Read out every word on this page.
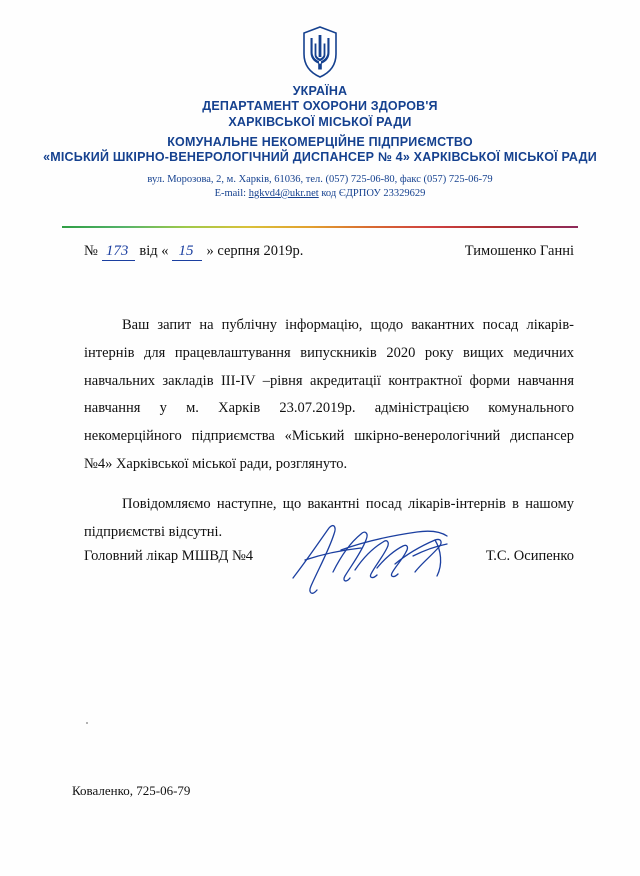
УКРАЇНА
ДЕПАРТАМЕНТ ОХОРОНИ ЗДОРОВ'Я
ХАРКІВСЬКОЇ МІСЬКОЇ РАДИ
КОМУНАЛЬНЕ НЕКОМЕРЦІЙНЕ ПІДПРИЄМСТВО
«МІСЬКИЙ ШКІРНО-ВЕНЕРОЛОГІЧНИЙ ДИСПАНСЕР № 4» ХАРКІВСЬКОЇ МІСЬКОЇ РАДИ
вул. Морозова, 2, м. Харків, 61036, тел. (057) 725-06-80, факс (057) 725-06-79
E-mail: hgkvd4@ukr.net код ЄДРПОУ 23329629
№ 173 від « 15 » серпня 2019р.	Тимошенко Ганні

Ваш запит на публічну інформацію, щодо вакантних посад лікарів-інтернів для працевлаштування випускників 2020 року вищих медичних навчальних закладів III-IV –рівня акредитації контрактної форми навчання навчання у м. Харків 23.07.2019р. адміністрацією комунального некомерційного підприємства «Міський шкірно-венерологічний диспансер №4» Харківської міської ради, розглянуто.

Повідомляємо наступне, що вакантні посад лікарів-інтернів в нашому підприємстві відсутні.

Головний лікар МШВД №4	Т.С. Осипенко
Коваленко, 725-06-79
